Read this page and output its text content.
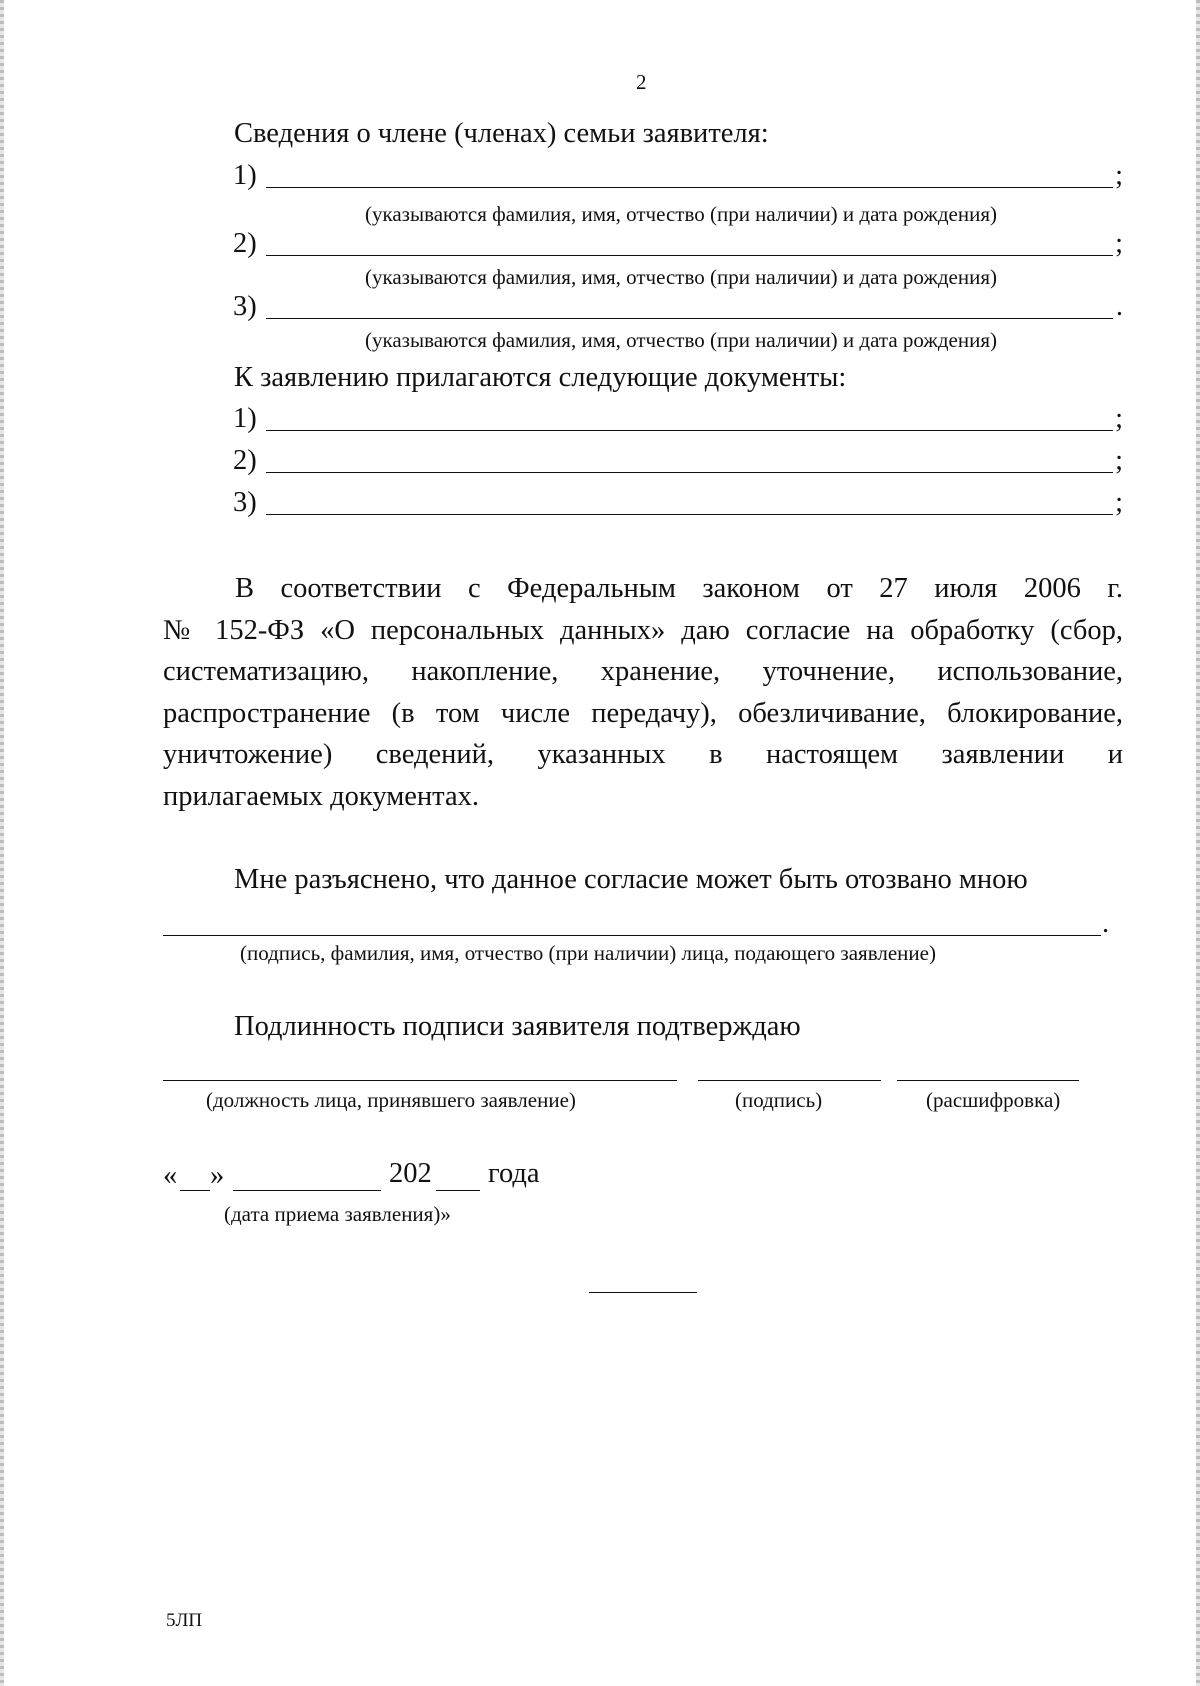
2
Сведения о члене (членах) семьи заявителя:
1)	;
(указываются фамилия, имя, отчество (при наличии) и дата рождения)
2)	;
(указываются фамилия, имя, отчество (при наличии) и дата рождения)
3)	.
(указываются фамилия, имя, отчество (при наличии) и дата рождения)
К заявлению прилагаются следующие документы:
1)	;
2)	;
3)	;
В соответствии с Федеральным законом от 27 июля 2006 г.
№ 152-ФЗ «О персональных данных» даю согласие на обработку (сбор,
систематизацию, накопление, хранение, уточнение, использование,
распространение (в том числе передачу), обезличивание, блокирование,
уничтожение) сведений, указанных в настоящем заявлении и
прилагаемых документах.
Мне разъяснено, что данное согласие может быть отозвано мною
.
(подпись, фамилия, имя, отчество (при наличии) лица, подающего заявление)
Подлинность подписи заявителя подтверждаю
(должность лица, принявшего заявление)	(подпись)	(расшифровка)
« »	202 года
(дата приема заявления)»
5ЛП
